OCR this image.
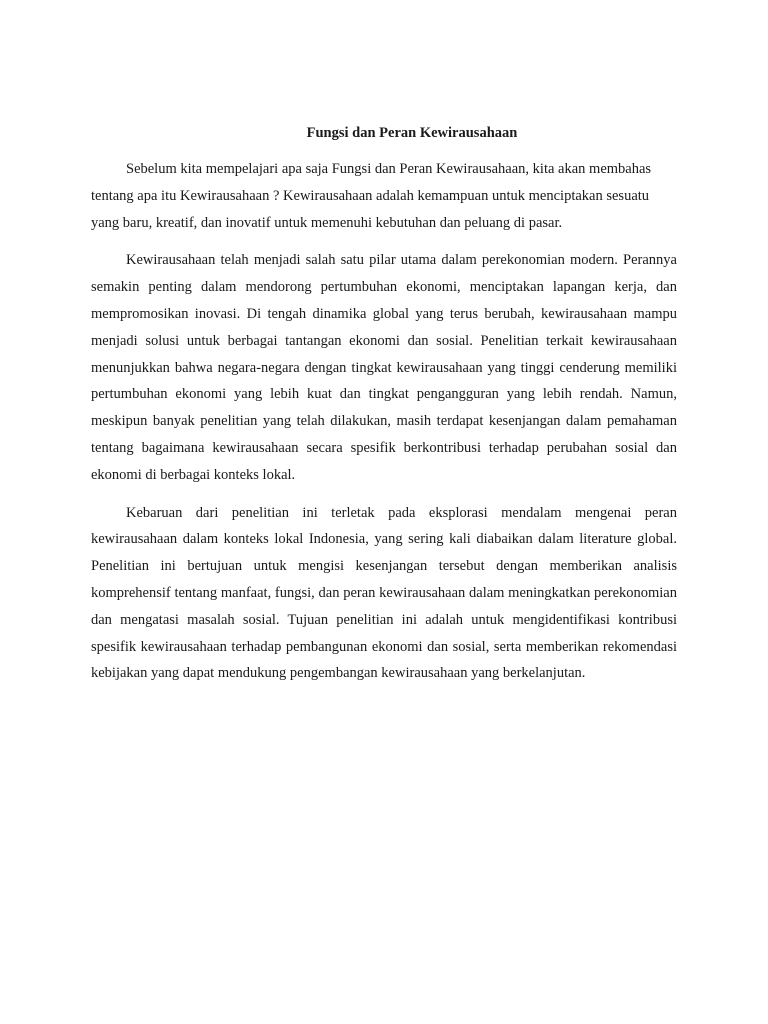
Fungsi dan Peran Kewirausahaan

Sebelum kita mempelajari apa saja Fungsi dan Peran Kewirausahaan, kita akan membahas tentang apa itu Kewirausahaan ? Kewirausahaan adalah kemampuan untuk menciptakan sesuatu yang baru, kreatif, dan inovatif untuk memenuhi kebutuhan dan peluang di pasar.

Kewirausahaan telah menjadi salah satu pilar utama dalam perekonomian modern. Perannya semakin penting dalam mendorong pertumbuhan ekonomi, menciptakan lapangan kerja, dan mempromosikan inovasi. Di tengah dinamika global yang terus berubah, kewirausahaan mampu menjadi solusi untuk berbagai tantangan ekonomi dan sosial. Penelitian terkait kewirausahaan menunjukkan bahwa negara-negara dengan tingkat kewirausahaan yang tinggi cenderung memiliki pertumbuhan ekonomi yang lebih kuat dan tingkat pengangguran yang lebih rendah. Namun, meskipun banyak penelitian yang telah dilakukan, masih terdapat kesenjangan dalam pemahaman tentang bagaimana kewirausahaan secara spesifik berkontribusi terhadap perubahan sosial dan ekonomi di berbagai konteks lokal.

Kebaruan dari penelitian ini terletak pada eksplorasi mendalam mengenai peran kewirausahaan dalam konteks lokal Indonesia, yang sering kali diabaikan dalam literature global. Penelitian ini bertujuan untuk mengisi kesenjangan tersebut dengan memberikan analisis komprehensif tentang manfaat, fungsi, dan peran kewirausahaan dalam meningkatkan perekonomian dan mengatasi masalah sosial. Tujuan penelitian ini adalah untuk mengidentifikasi kontribusi spesifik kewirausahaan terhadap pembangunan ekonomi dan sosial, serta memberikan rekomendasi kebijakan yang dapat mendukung pengembangan kewirausahaan yang berkelanjutan.
